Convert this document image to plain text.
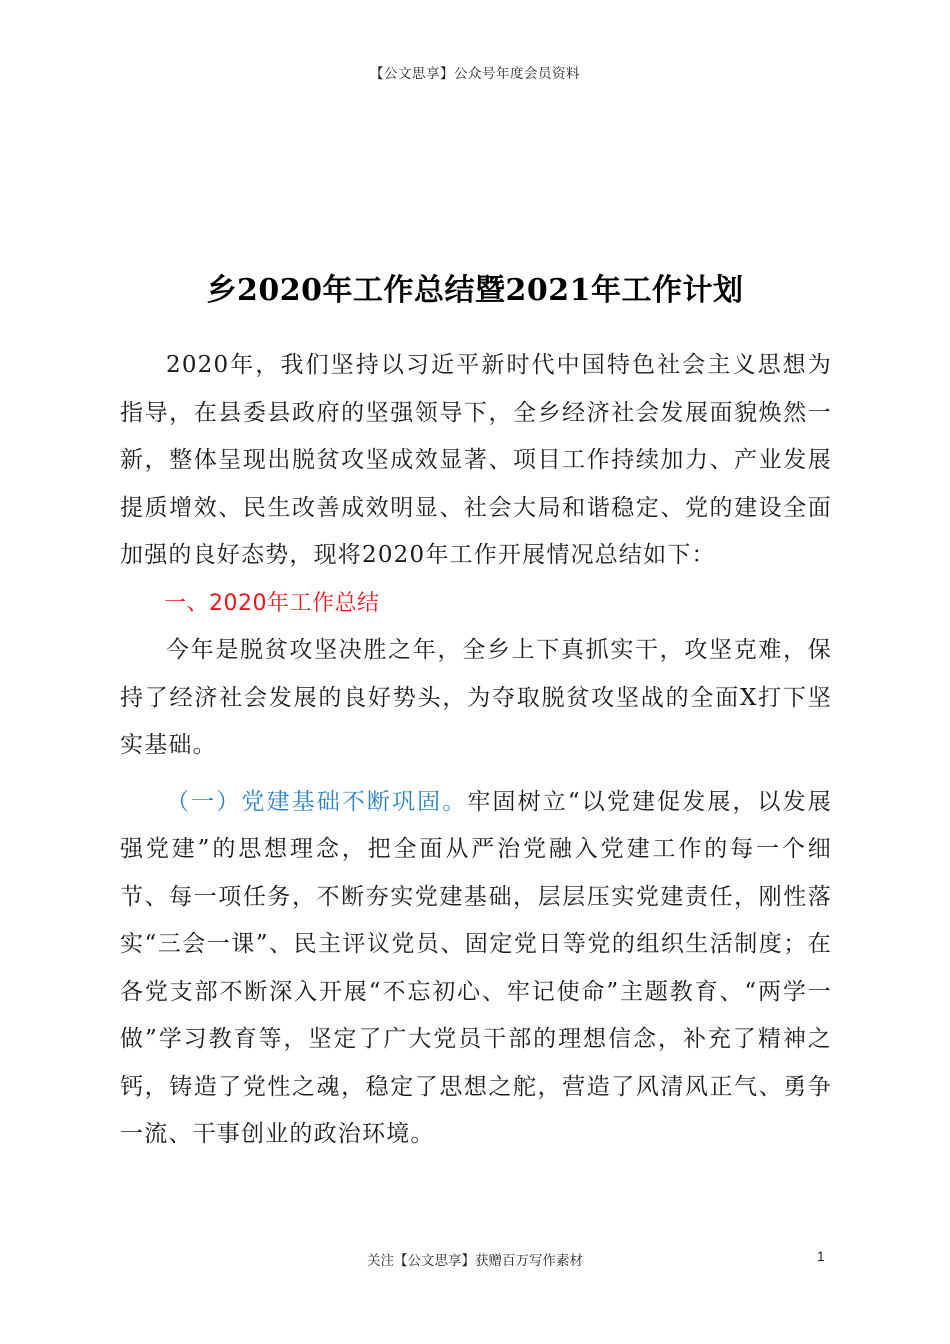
【公文思享】公众号年度会员资料
乡2020年工作总结暨2021年工作计划

2020年，我们坚持以习近平新时代中国特色社会主义思想为指导，在县委县政府的坚强领导下，全乡经济社会发展面貌焕然一新，整体呈现出脱贫攻坚成效显著、项目工作持续加力、产业发展提质增效、民生改善成效明显、社会大局和谐稳定、党的建设全面加强的良好态势，现将2020年工作开展情况总结如下：

一、2020年工作总结

今年是脱贫攻坚决胜之年，全乡上下真抓实干，攻坚克难，保持了经济社会发展的良好势头，为夺取脱贫攻坚战的全面X打下坚实基础。

（一）党建基础不断巩固。牢固树立“以党建促发展，以发展强党建”的思想理念，把全面从严治党融入党建工作的每一个细节、每一项任务，不断夯实党建基础，层层压实党建责任，刚性落实“三会一课”、民主评议党员、固定党日等党的组织生活制度；在各党支部不断深入开展“不忘初心、牢记使命”主题教育、“两学一做”学习教育等，坚定了广大党员干部的理想信念，补充了精神之钙，铸造了党性之魂，稳定了思想之舵，营造了风清风正气、勇争一流、干事创业的政治环境。

关注【公文思享】获赠百万写作素材	1
